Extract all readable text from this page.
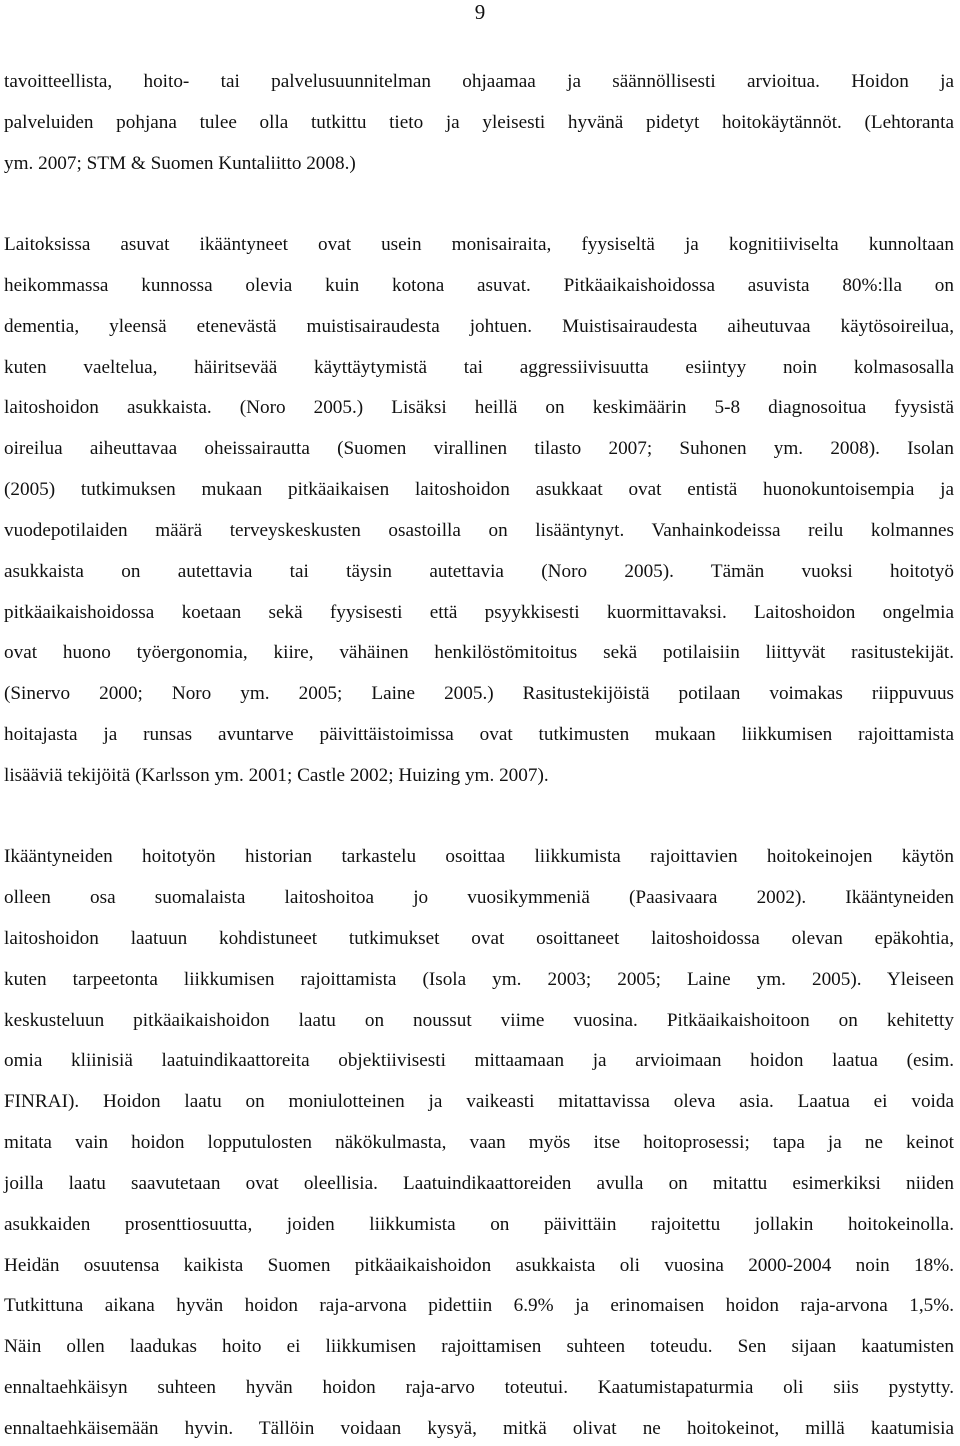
9
tavoitteellista, hoito- tai palvelusuunnitelman ohjaamaa ja säännöllisesti arvioitua. Hoidon ja
palveluiden pohjana tulee olla tutkittu tieto ja yleisesti hyvänä pidetyt hoitokäytännöt. (Lehtoranta
ym. 2007; STM & Suomen Kuntaliitto 2008.)
Laitoksissa asuvat ikääntyneet ovat usein monisairaita, fyysiseltä ja kognitiiviselta kunnoltaan
heikommassa kunnossa olevia kuin kotona asuvat. Pitkäaikaishoidossa asuvista 80%:lla on
dementia, yleensä etenevästä muistisairaudesta johtuen. Muistisairaudesta aiheutuvaa käytösoireilua,
kuten vaeltelua, häiritsevää käyttäytymistä tai aggressiivisuutta esiintyy noin kolmasosalla
laitoshoidon asukkaista. (Noro 2005.) Lisäksi heillä on keskimäärin 5-8 diagnosoitua fyysistä
oireilua aiheuttavaa oheissairautta (Suomen virallinen tilasto 2007; Suhonen ym. 2008). Isolan
(2005) tutkimuksen mukaan pitkäaikaisen laitoshoidon asukkaat ovat entistä huonokuntoisempia ja
vuodepotilaiden määrä terveyskeskusten osastoilla on lisääntynyt. Vanhainkodeissa reilu kolmannes
asukkaista on autettavia tai täysin autettavia (Noro 2005). Tämän vuoksi hoitotyö
pitkäaikaishoidossa koetaan sekä fyysisesti että psyykkisesti kuormittavaksi. Laitoshoidon ongelmia
ovat huono työergonomia, kiire, vähäinen henkilöstömitoitus sekä potilaisiin liittyvät rasitustekijät.
(Sinervo 2000; Noro ym. 2005; Laine 2005.) Rasitustekijöistä potilaan voimakas riippuvuus
hoitajasta ja runsas avuntarve päivittäistoimissa ovat tutkimusten mukaan liikkumisen rajoittamista
lisääviä tekijöitä (Karlsson ym. 2001; Castle 2002; Huizing ym. 2007).
Ikääntyneiden hoitotyön historian tarkastelu osoittaa liikkumista rajoittavien hoitokeinojen käytön
olleen osa suomalaista laitoshoitoa jo vuosikymmeniä (Paasivaara 2002). Ikääntyneiden
laitoshoidon laatuun kohdistuneet tutkimukset ovat osoittaneet laitoshoidossa olevan epäkohtia,
kuten tarpeetonta liikkumisen rajoittamista (Isola ym. 2003; 2005; Laine ym. 2005). Yleiseen
keskusteluun pitkäaikaishoidon laatu on noussut viime vuosina. Pitkäaikaishoitoon on kehitetty
omia kliinisiä laatuindikaattoreita objektiivisesti mittaamaan ja arvioimaan hoidon laatua (esim.
FINRAI). Hoidon laatu on moniulotteinen ja vaikeasti mitattavissa oleva asia. Laatua ei voida
mitata vain hoidon lopputulosten näkökulmasta, vaan myös itse hoitoprosessi; tapa ja ne keinot
joilla laatu saavutetaan ovat oleellisia. Laatuindikaattoreiden avulla on mitattu esimerkiksi niiden
asukkaiden prosenttiosuutta, joiden liikkumista on päivittäin rajoitettu jollakin hoitokeinolla.
Heidän osuutensa kaikista Suomen pitkäaikaishoidon asukkaista oli vuosina 2000-2004 noin 18%.
Tutkittuna aikana hyvän hoidon raja-arvona pidettiin 6.9% ja erinomaisen hoidon raja-arvona 1,5%.
Näin ollen laadukas hoito ei liikkumisen rajoittamisen suhteen toteudu. Sen sijaan kaatumisten
ennaltaehkäisyn suhteen hyvän hoidon raja-arvo toteutui. Kaatumistapaturmia oli siis pystytty.
ennaltaehkäisemään hyvin. Tällöin voidaan kysyä, mitkä olivat ne hoitokeinot, millä kaatumisia
